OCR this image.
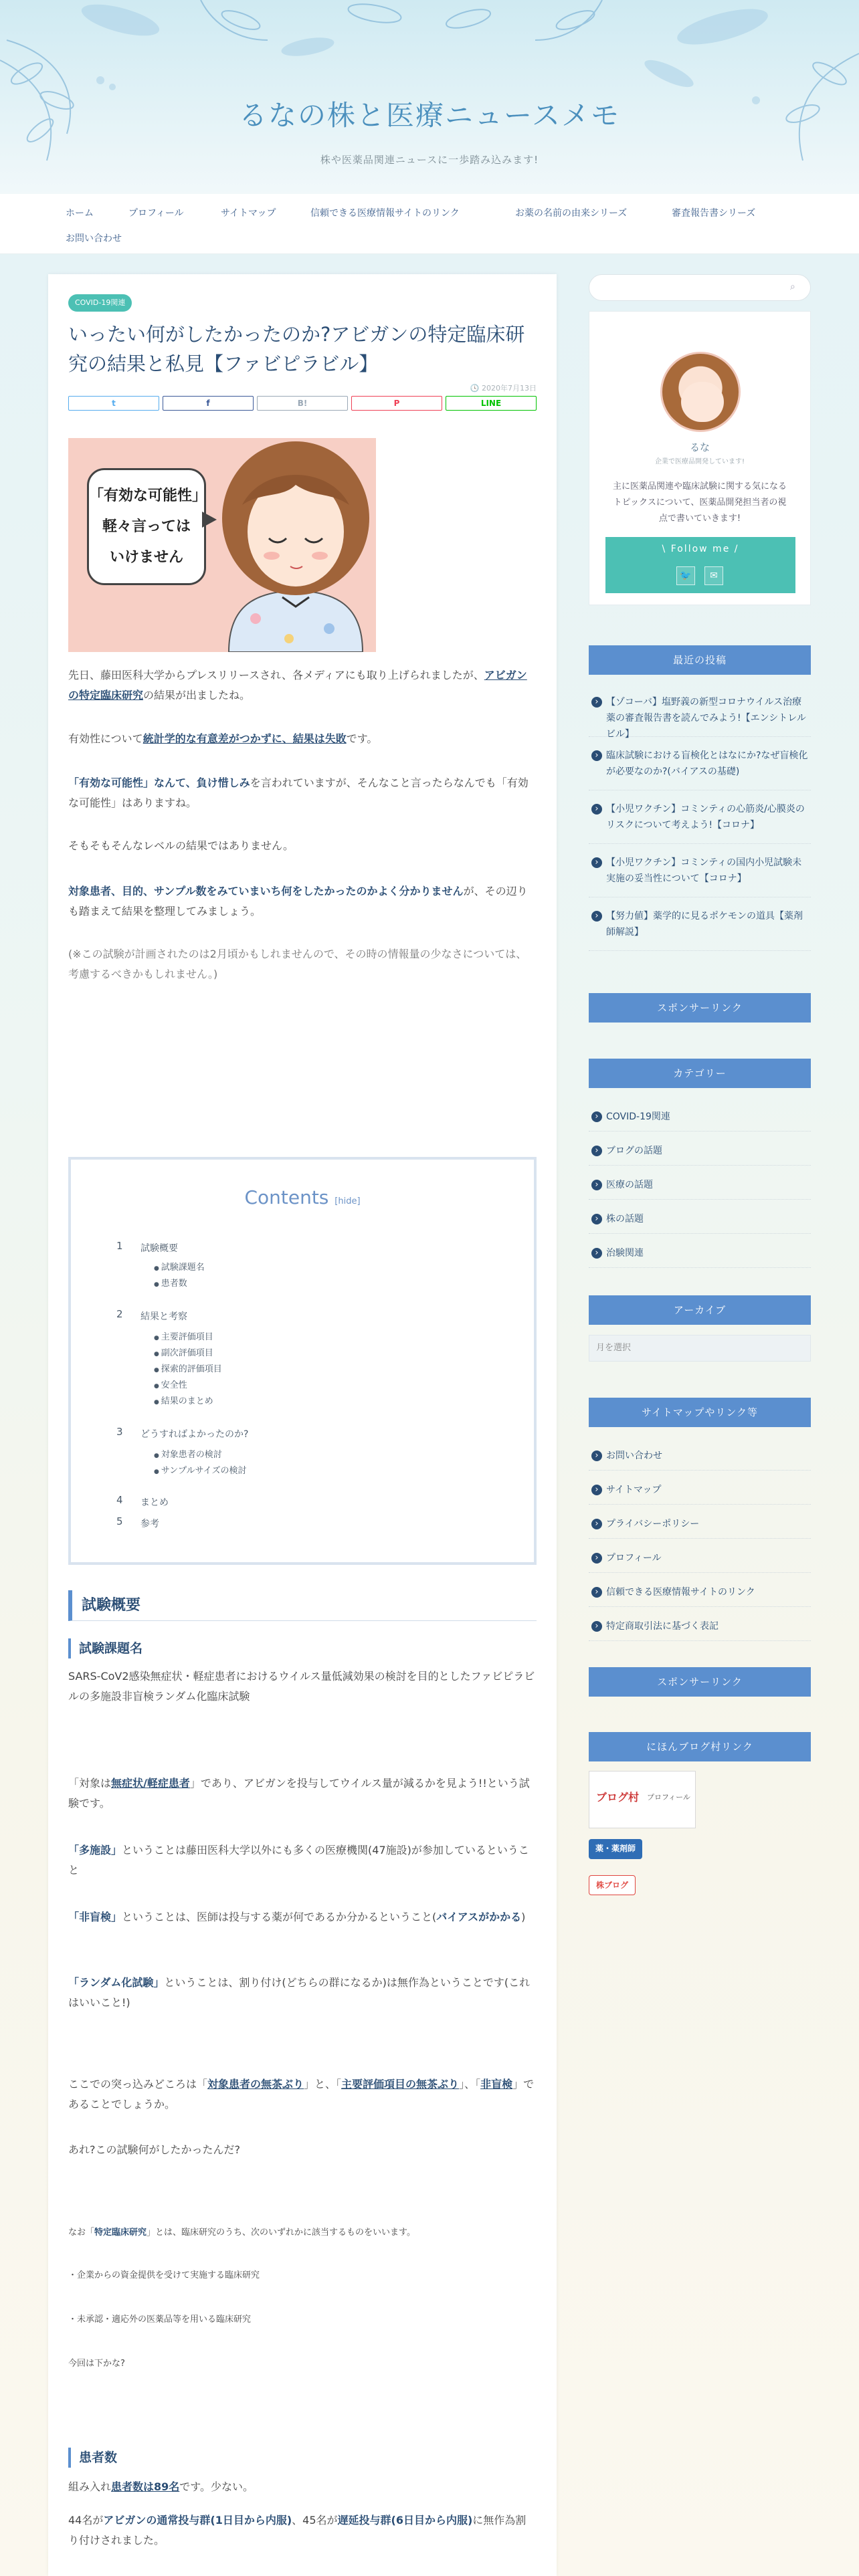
るなの株と医療ニュースメモ
株や医薬品関連ニュースに一歩踏み込みます!
ホーム	プロフィール	サイトマップ	信頼できる医療情報サイトのリンク	お薬の名前の由来シリーズ	審査報告書シリーズ
お問い合わせ
COVID-19関連
いったい何がしたかったのか?アビガンの特定臨床研究の結果と私見【ファビピラビル】
🕓 2020年7月13日
t	f	B!	P	LINE
「有効な可能性」
軽々言っては
いけません

先日、藤田医科大学からプレスリリースされ、各メディアにも取り上げられましたが、アビガンの特定臨床研究の結果が出ましたね。

有効性について統計学的な有意差がつかずに、結果は失敗です。

「有効な可能性」なんて、負け惜しみを言われていますが、そんなこと言ったらなんでも「有効な可能性」はありますね。

そもそもそんなレベルの結果ではありません。

対象患者、目的、サンプル数をみていまいち何をしたかったのかよく分かりませんが、その辺りも踏まえて結果を整理してみましょう。

(※この試験が計画されたのは2月頃かもしれませんので、その時の情報量の少なさについては、考慮するべきかもしれません。)

Contents [hide]
1 試験概要
● 試験課題名
● 患者数
2 結果と考察
● 主要評価項目
● 副次評価項目
● 探索的評価項目
● 安全性
● 結果のまとめ
3 どうすればよかったのか?
● 対象患者の検討
● サンプルサイズの検討
4 まとめ
5 参考
試験概要
試験課題名

SARS-CoV2感染無症状・軽症患者におけるウイルス量低減効果の検討を目的としたファビピラビルの多施設非盲検ランダム化臨床試験

「対象は無症状/軽症患者」であり、アビガンを投与してウイルス量が減るかを見よう!!という試験です。

「多施設」ということは藤田医科大学以外にも多くの医療機関(47施設)が参加しているということ

「非盲検」ということは、医師は投与する薬が何であるか分かるということ(バイアスがかかる)

「ランダム化試験」ということは、割り付け(どちらの群になるか)は無作為ということです(これはいいこと!)

ここでの突っ込みどころは「対象患者の無茶ぶり」と、「主要評価項目の無茶ぶり」、「非盲検」であることでしょうか。

あれ?この試験何がしたかったんだ?

なお「特定臨床研究」とは、臨床研究のうち、次のいずれかに該当するものをいいます。

・企業からの資金提供を受けて実施する臨床研究

・未承認・適応外の医薬品等を用いる臨床研究

今回は下かな?

患者数

組み入れ患者数は89名です。少ない。

44名がアビガンの通常投与群(1日目から内服)、45名が遅延投与群(6日目から内服)に無作為割り付けされました。

⌕
るな
企業で医療品開発しています!
主に医薬品関連や臨床試験に関する気になるトピックスについて、医薬品開発担当者の視点で書いていきます!
\ Follow me /
🐦 ✉
最近の投稿
› 【ゾコーバ】塩野義の新型コロナウイルス治療薬の審査報告書を読んでみよう!【エンシトレルビル】
› 臨床試験における盲検化とはなにか?なぜ盲検化が必要なのか?(バイアスの基礎)
› 【小児ワクチン】コミンティの心筋炎/心膜炎のリスクについて考えよう!【コロナ】
› 【小児ワクチン】コミンティの国内小児試験未実施の妥当性について【コロナ】
› 【努力値】薬学的に見るポケモンの道具【薬剤師解説】
スポンサーリンク
カテゴリー
› COVID-19関連
› ブログの話題
› 医療の話題
› 株の話題
› 治験関連
アーカイブ
月を選択
サイトマップやリンク等
› お問い合わせ
› サイトマップ
› プライバシーポリシー
› プロフィール
› 信頼できる医療情報サイトのリンク
› 特定商取引法に基づく表記
スポンサーリンク
にほんブログ村リンク
ブログ村 プロフィール
薬・薬剤師
株ブログ
